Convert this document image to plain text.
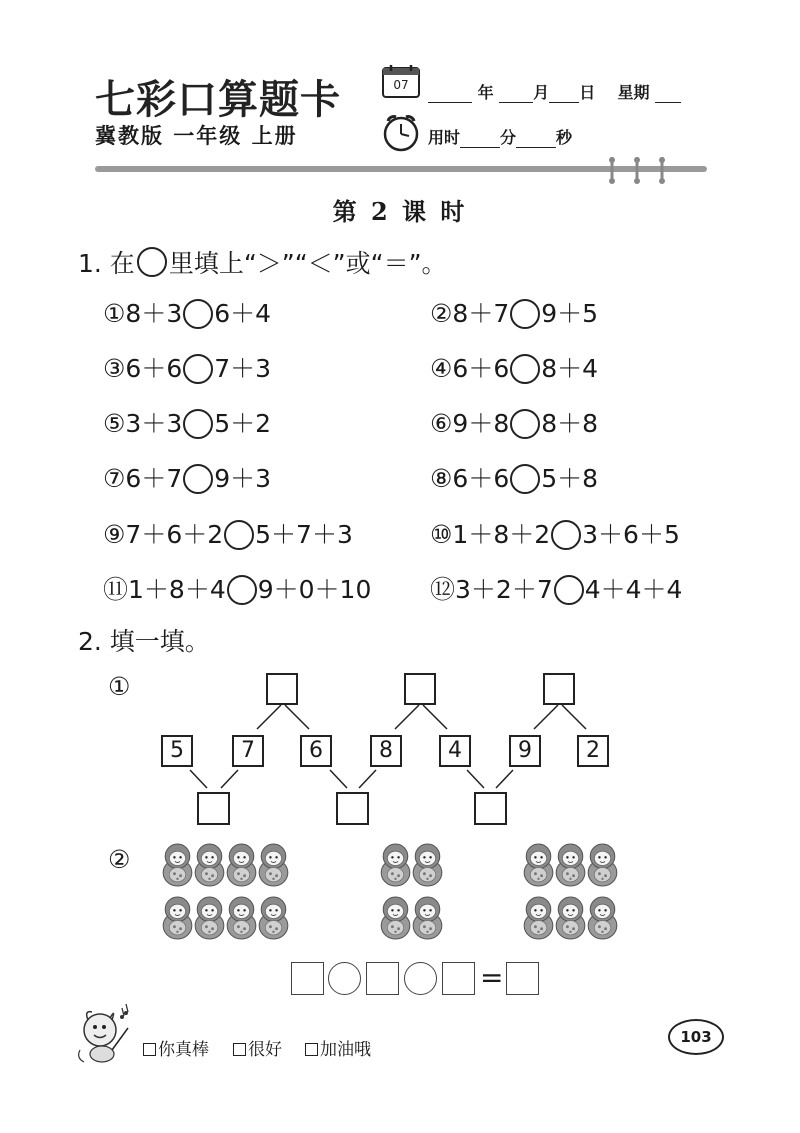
七彩口算题卡
冀教版 一年级 上册
07	年 月 日 星期
用时	分	秒
第 2 课 时
1. 在 里填上“＞”“＜”或“＝”。
①8＋3 6＋4	②8＋7 9＋5
③6＋6 7＋3	④6＋6 8＋4
⑤3＋3 5＋2	⑥9＋8 8＋8
⑦6＋7 9＋3	⑧6＋6 5＋8
⑨7＋6＋2 5＋7＋3	⑩1＋8＋2 3＋6＋5
⑪1＋8＋4 9＋0＋10 ⑫3＋2＋7 4＋4＋4
2. 填一填。
①
5	7	6	8	4	9	2
②
=
你真棒	很好	加油哦
103
